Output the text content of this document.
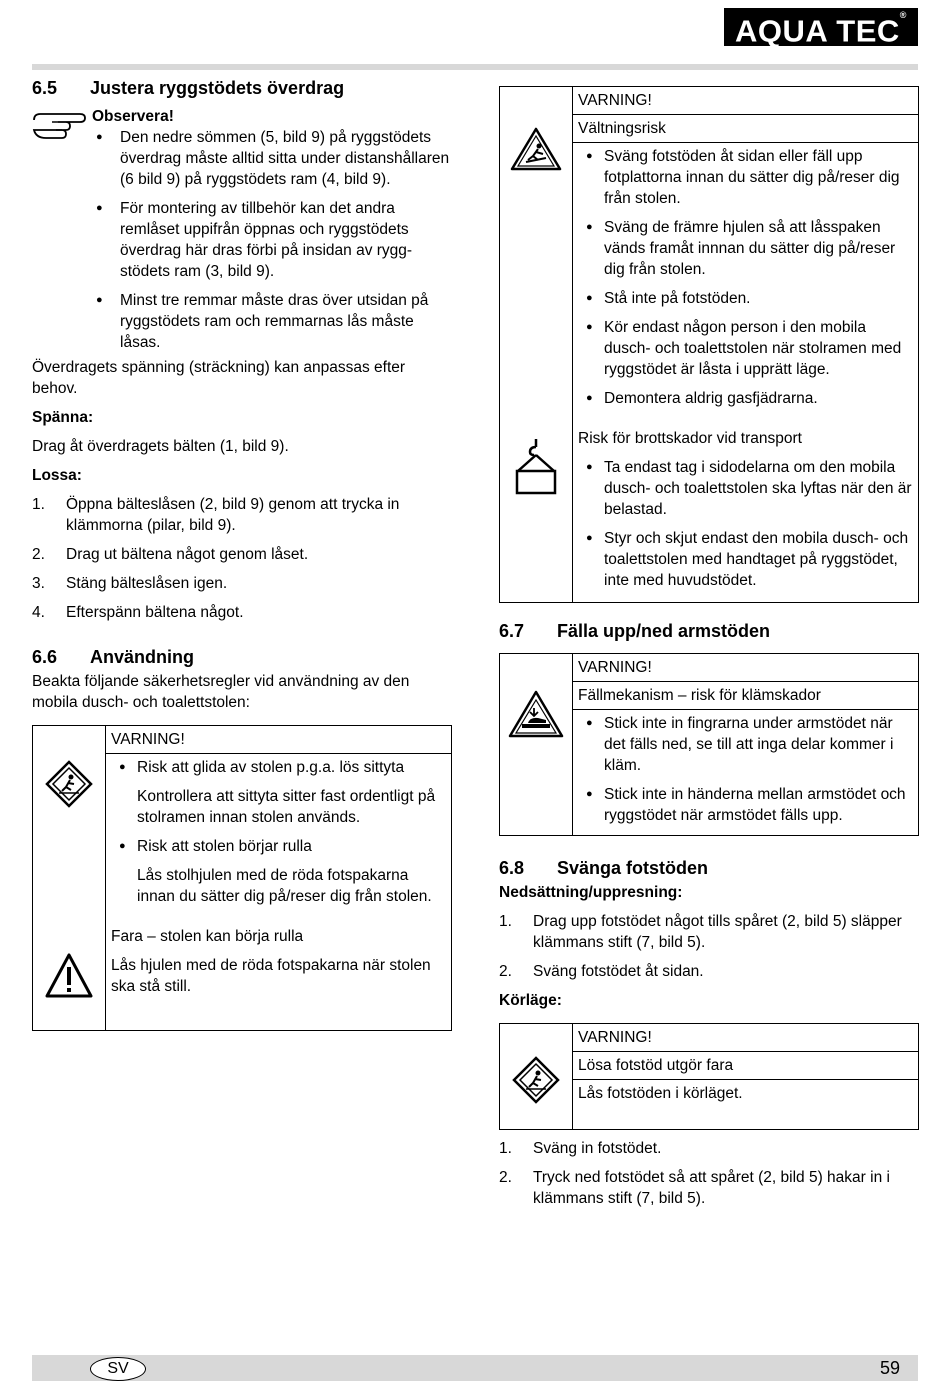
AQUA TEC®
6.5	Justera ryggstödets överdrag

Observera!

● Den nedre sömmen (5, bild 9) på ryggstödets överdrag måste alltid sitta under distanshållaren (6 bild 9) på ryggstödets ram (4, bild 9).
● För montering av tillbehör kan det andra remlåset uppifrån öppnas och ryggstödets överdrag här dras förbi på insidan av ryggstödets ram (3, bild 9).
● Minst tre remmar måste dras över utsidan på ryggstödets ram och remmarnas lås måste låsas.

Överdragets spänning (sträckning) kan anpassas efter behov.

Spänna:

Drag åt överdragets bälten (1, bild 9).

Lossa:

1. Öppna bälteslåsen (2, bild 9) genom att trycka in klämmorna (pilar, bild 9).
2. Drag ut bältena något genom låset.
3. Stäng bälteslåsen igen.
4. Efterspänn bältena något.
6.6	Användning

Beakta följande säkerhetsregler vid användning av den mobila dusch- och toalettstolen:

VARNING!
● Risk att glida av stolen p.g.a. lös sittyta

Kontrollera att sittyta sitter fast ordentligt på stolramen innan stolen används.

● Risk att stolen börjar rulla

Lås stolhjulen med de röda fotspakarna innan du sätter dig på/reser dig från stolen.

Fara – stolen kan börja rulla

Lås hjulen med de röda fotspakarna när stolen ska stå still.

VARNING!
Vältningsrisk
● Sväng fotstöden åt sidan eller fäll upp fotplattorna innan du sätter dig på/reser dig från stolen.
● Sväng de främre hjulen så att låsspaken vänds framåt innnan du sätter dig på/reser dig från stolen.
● Stå inte på fotstöden.
● Kör endast någon person i den mobila dusch- och toalettstolen när stolramen med ryggstödet är låsta i upprätt läge.
● Demontera aldrig gasfjädrarna.

Risk för brottskador vid transport

● Ta endast tag i sidodelarna om den mobila dusch- och toalettstolen ska lyftas när den är belastad.
● Styr och skjut endast den mobila dusch- och toalettstolen med handtaget på ryggstödet, inte med huvudstödet.
6.7	Fälla upp/ned armstöden
VARNING!
Fällmekanism – risk för klämskador
● Stick inte in fingrarna under armstödet när det fälls ned, se till att inga delar kommer i kläm.
● Stick inte in händerna mellan armstödet och ryggstödet när armstödet fälls upp.
6.8	Svänga fotstöden

Nedsättning/uppresning:

1. Drag upp fotstödet något tills spåret (2, bild 5) släpper klämmans stift (7, bild 5).
2. Sväng fotstödet åt sidan.

Körläge:

VARNING!
Lösa fotstöd utgör fara
Lås fotstöden i körläget.
1. Sväng in fotstödet.
2. Tryck ned fotstödet så att spåret (2, bild 5) hakar in i klämmans stift (7, bild 5).
SV	59
